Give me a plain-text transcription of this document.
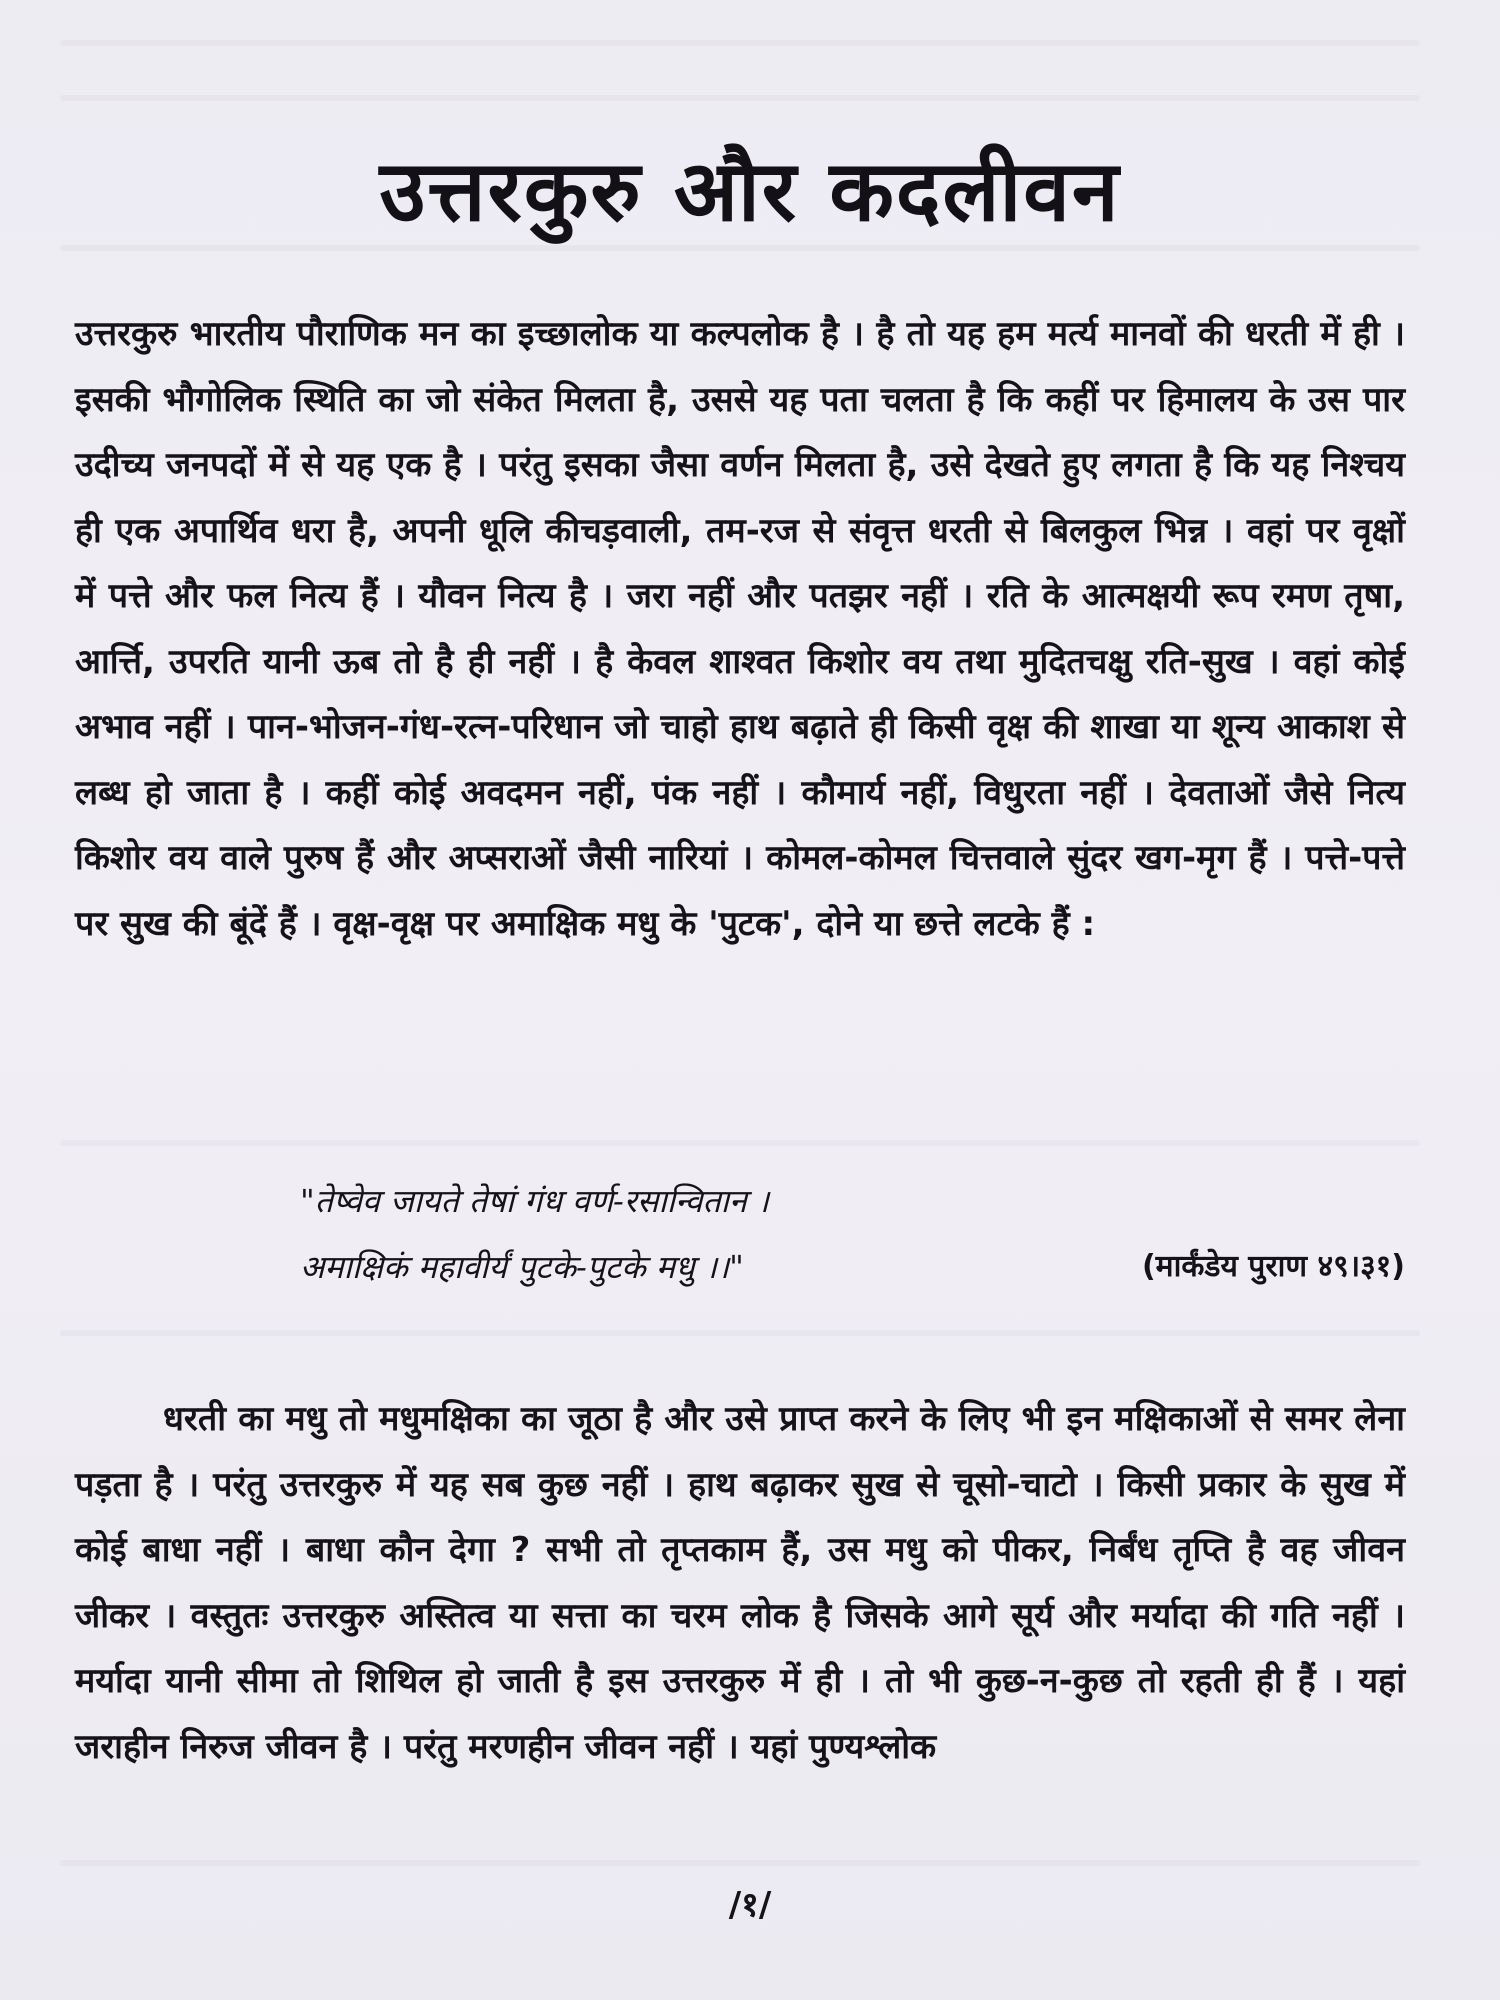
उत्तरकुरु और कदलीवन
उत्तरकुरु भारतीय पौराणिक मन का इच्छालोक या कल्पलोक है । है तो यह हम मर्त्य मानवों की धरती में ही । इसकी भौगोलिक स्थिति का जो संकेत मिलता है, उससे यह पता चलता है कि कहीं पर हिमालय के उस पार उदीच्य जनपदों में से यह एक है । परंतु इसका जैसा वर्णन मिलता है, उसे देखते हुए लगता है कि यह निश्चय ही एक अपार्थिव धरा है, अपनी धूलि कीचड़वाली, तम-रज से संवृत्त धरती से बिलकुल भिन्न । वहां पर वृक्षों में पत्ते और फल नित्य हैं । यौवन नित्य है । जरा नहीं और पतझर नहीं । रति के आत्मक्षयी रूप रमण तृषा, आर्त्ति, उपरति यानी ऊब तो है ही नहीं । है केवल शाश्वत किशोर वय तथा मुदितचक्षु रति-सुख । वहां कोई अभाव नहीं । पान-भोजन-गंध-रत्न-परिधान जो चाहो हाथ बढ़ाते ही किसी वृक्ष की शाखा या शून्य आकाश से लब्ध हो जाता है । कहीं कोई अवदमन नहीं, पंक नहीं । कौमार्य नहीं, विधुरता नहीं । देवताओं जैसे नित्य किशोर वय वाले पुरुष हैं और अप्सराओं जैसी नारियां । कोमल-कोमल चित्तवाले सुंदर खग-मृग हैं । पत्ते-पत्ते पर सुख की बूंदें हैं । वृक्ष-वृक्ष पर अमाक्षिक मधु के 'पुटक', दोने या छत्ते लटके हैं :
"तेष्वेव जायते तेषां गंध वर्ण-रसान्वितान ।
अमाक्षिकं महावीर्यं पुटके-पुटके मधु ।।"	(मार्कंडेय पुराण ४९।३१)
धरती का मधु तो मधुमक्षिका का जूठा है और उसे प्राप्त करने के लिए भी इन मक्षिकाओं से समर लेना पड़ता है । परंतु उत्तरकुरु में यह सब कुछ नहीं । हाथ बढ़ाकर सुख से चूसो-चाटो । किसी प्रकार के सुख में कोई बाधा नहीं । बाधा कौन देगा ? सभी तो तृप्तकाम हैं, उस मधु को पीकर, निर्बंध तृप्ति है वह जीवन जीकर । वस्तुतः उत्तरकुरु अस्तित्व या सत्ता का चरम लोक है जिसके आगे सूर्य और मर्यादा की गति नहीं । मर्यादा यानी सीमा तो शिथिल हो जाती है इस उत्तरकुरु में ही । तो भी कुछ-न-कुछ तो रहती ही हैं । यहां जराहीन निरुज जीवन है । परंतु मरणहीन जीवन नहीं । यहां पुण्यश्लोक
/१/
